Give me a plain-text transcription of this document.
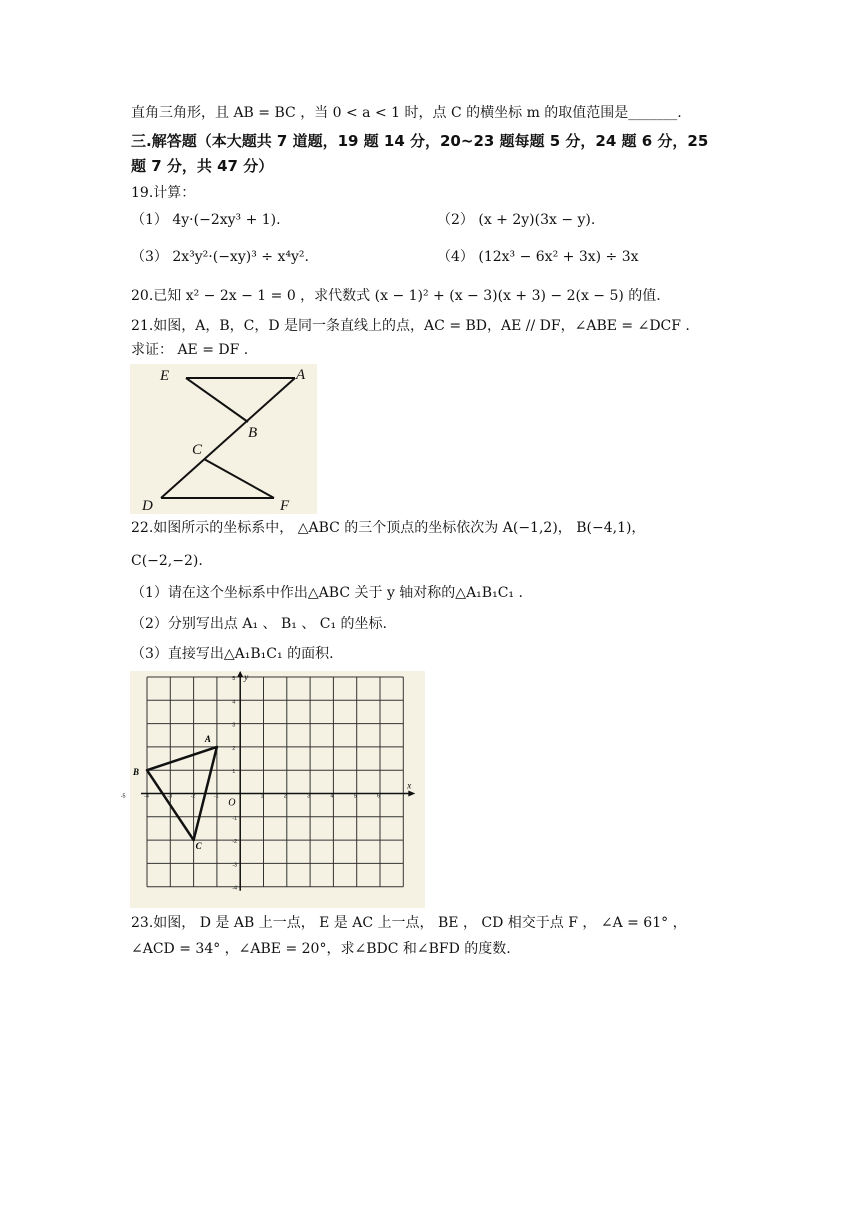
直角三角形，且 AB = BC ，当 0 < a < 1 时，点 C 的横坐标 m 的取值范围是_______.
三.解答题（本大题共 7 道题，19 题 14 分，20~23 题每题 5 分，24 题 6 分，25
题 7 分，共 47 分）
19.计算：
（1） 4y·(−2xy³ + 1).	（2） (x + 2y)(3x − y).
（3） 2x³y²·(−xy)³ ÷ x⁴y².	（4） (12x³ − 6x² + 3x) ÷ 3x
20.已知 x² − 2x − 1 = 0 ，求代数式 (x − 1)² + (x − 3)(x + 3) − 2(x − 5) 的值.
21.如图，A，B，C，D 是同一条直线上的点，AC = BD，AE // DF，∠ABE = ∠DCF .
求证： AE = DF .
E	A
B
C
D	F
22.如图所示的坐标系中， △ABC 的三个顶点的坐标依次为 A(−1,2)， B(−4,1)，
C(−2,−2).
（1）请在这个坐标系中作出△ABC 关于 y 轴对称的△A₁B₁C₁ .
（2）分别写出点 A₁ 、 B₁ 、 C₁ 的坐标.
（3）直接写出△A₁B₁C₁ 的面积.
x
y
O
-5	-4	-3	-2	-1	1	2	3	4	5	6
5
4
3
2
1
-1
-2
-3
-4
A
B
C
23.如图， D 是 AB 上一点， E 是 AC 上一点， BE ， CD 相交于点 F ， ∠A = 61° ，
∠ACD = 34° ，∠ABE = 20°，求∠BDC 和∠BFD 的度数.
